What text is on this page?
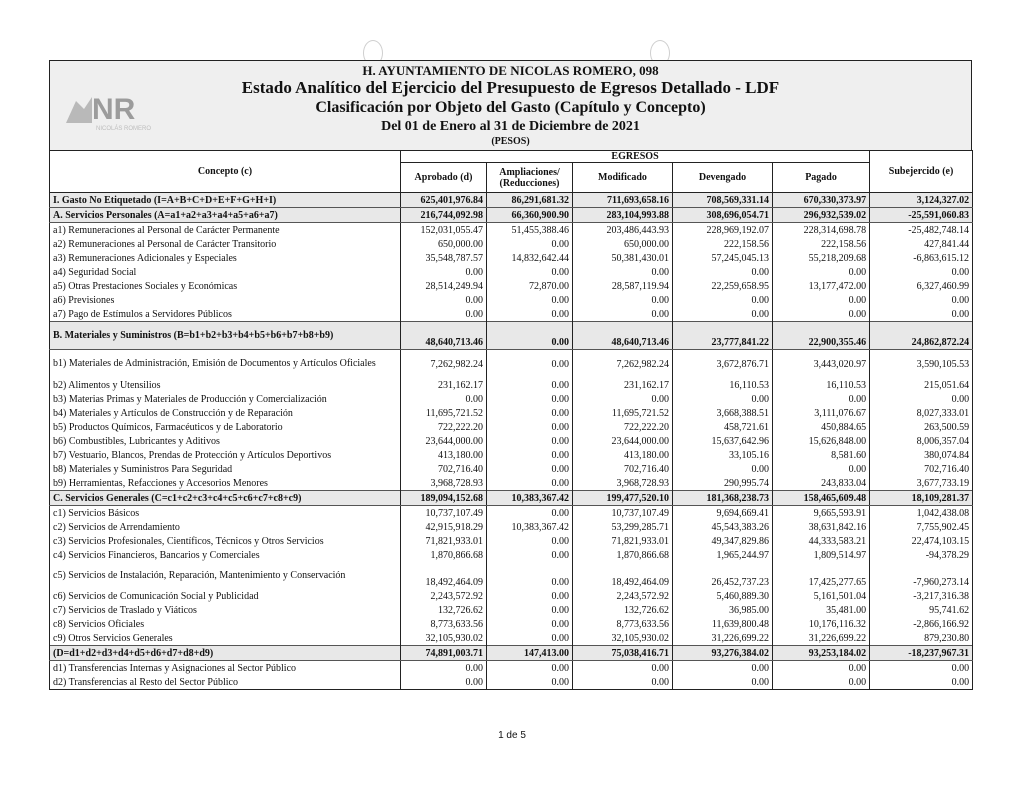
NR
NICOLÁS ROMERO
H. AYUNTAMIENTO DE NICOLAS ROMERO, 098
Estado Analítico del Ejercicio del Presupuesto de Egresos Detallado - LDF
Clasificación por Objeto del Gasto (Capítulo y Concepto)
Del 01 de Enero al 31 de Diciembre de 2021
(PESOS)
Concepto (c)	EGRESOS					Subejercido (e)
	Aprobado (d)	Ampliaciones/ (Reducciones)	Modificado	Devengado	Pagado	
I. Gasto No Etiquetado (I=A+B+C+D+E+F+G+H+I)	625,401,976.84	86,291,681.32	711,693,658.16	708,569,331.14	670,330,373.97	3,124,327.02
A. Servicios Personales (A=a1+a2+a3+a4+a5+a6+a7)	216,744,092.98	66,360,900.90	283,104,993.88	308,696,054.71	296,932,539.02	-25,591,060.83
a1) Remuneraciones al Personal de Carácter Permanente	152,031,055.47	51,455,388.46	203,486,443.93	228,969,192.07	228,314,698.78	-25,482,748.14
a2) Remuneraciones al Personal de Carácter Transitorio	650,000.00	0.00	650,000.00	222,158.56	222,158.56	427,841.44
a3) Remuneraciones Adicionales y Especiales	35,548,787.57	14,832,642.44	50,381,430.01	57,245,045.13	55,218,209.68	-6,863,615.12
a4) Seguridad Social	0.00	0.00	0.00	0.00	0.00	0.00
a5) Otras Prestaciones Sociales y Económicas	28,514,249.94	72,870.00	28,587,119.94	22,259,658.95	13,177,472.00	6,327,460.99
a6) Previsiones	0.00	0.00	0.00	0.00	0.00	0.00
a7) Pago de Estímulos a Servidores Públicos	0.00	0.00	0.00	0.00	0.00	0.00
B. Materiales y Suministros (B=b1+b2+b3+b4+b5+b6+b7+b8+b9)	48,640,713.46	0.00	48,640,713.46	23,777,841.22	22,900,355.46	24,862,872.24
b1) Materiales de Administración, Emisión de Documentos y Artículos Oficiales	7,262,982.24	0.00	7,262,982.24	3,672,876.71	3,443,020.97	3,590,105.53
b2) Alimentos y Utensilios	231,162.17	0.00	231,162.17	16,110.53	16,110.53	215,051.64
b3) Materias Primas y Materiales de Producción y Comercialización	0.00	0.00	0.00	0.00	0.00	0.00
b4) Materiales y Artículos de Construcción y de Reparación	11,695,721.52	0.00	11,695,721.52	3,668,388.51	3,111,076.67	8,027,333.01
b5) Productos Químicos, Farmacéuticos y de Laboratorio	722,222.20	0.00	722,222.20	458,721.61	450,884.65	263,500.59
b6) Combustibles, Lubricantes y Aditivos	23,644,000.00	0.00	23,644,000.00	15,637,642.96	15,626,848.00	8,006,357.04
b7) Vestuario, Blancos, Prendas de Protección y Artículos Deportivos	413,180.00	0.00	413,180.00	33,105.16	8,581.60	380,074.84
b8) Materiales y Suministros Para Seguridad	702,716.40	0.00	702,716.40	0.00	0.00	702,716.40
b9) Herramientas, Refacciones y Accesorios Menores	3,968,728.93	0.00	3,968,728.93	290,995.74	243,833.04	3,677,733.19
C. Servicios Generales (C=c1+c2+c3+c4+c5+c6+c7+c8+c9)	189,094,152.68	10,383,367.42	199,477,520.10	181,368,238.73	158,465,609.48	18,109,281.37
c1) Servicios Básicos	10,737,107.49	0.00	10,737,107.49	9,694,669.41	9,665,593.91	1,042,438.08
c2) Servicios de Arrendamiento	42,915,918.29	10,383,367.42	53,299,285.71	45,543,383.26	38,631,842.16	7,755,902.45
c3) Servicios Profesionales, Científicos, Técnicos y Otros Servicios	71,821,933.01	0.00	71,821,933.01	49,347,829.86	44,333,583.21	22,474,103.15
c4) Servicios Financieros, Bancarios y Comerciales	1,870,866.68	0.00	1,870,866.68	1,965,244.97	1,809,514.97	-94,378.29
c5) Servicios de Instalación, Reparación, Mantenimiento y Conservación	18,492,464.09	0.00	18,492,464.09	26,452,737.23	17,425,277.65	-7,960,273.14
c6) Servicios de Comunicación Social y Publicidad	2,243,572.92	0.00	2,243,572.92	5,460,889.30	5,161,501.04	-3,217,316.38
c7) Servicios de Traslado y Viáticos	132,726.62	0.00	132,726.62	36,985.00	35,481.00	95,741.62
c8) Servicios Oficiales	8,773,633.56	0.00	8,773,633.56	11,639,800.48	10,176,116.32	-2,866,166.92
c9) Otros Servicios Generales	32,105,930.02	0.00	32,105,930.02	31,226,699.22	31,226,699.22	879,230.80
(D=d1+d2+d3+d4+d5+d6+d7+d8+d9)	74,891,003.71	147,413.00	75,038,416.71	93,276,384.02	93,253,184.02	-18,237,967.31
d1) Transferencias Internas y Asignaciones al Sector Público	0.00	0.00	0.00	0.00	0.00	0.00
d2) Transferencias al Resto del Sector Público	0.00	0.00	0.00	0.00	0.00	0.00
1 de 5
